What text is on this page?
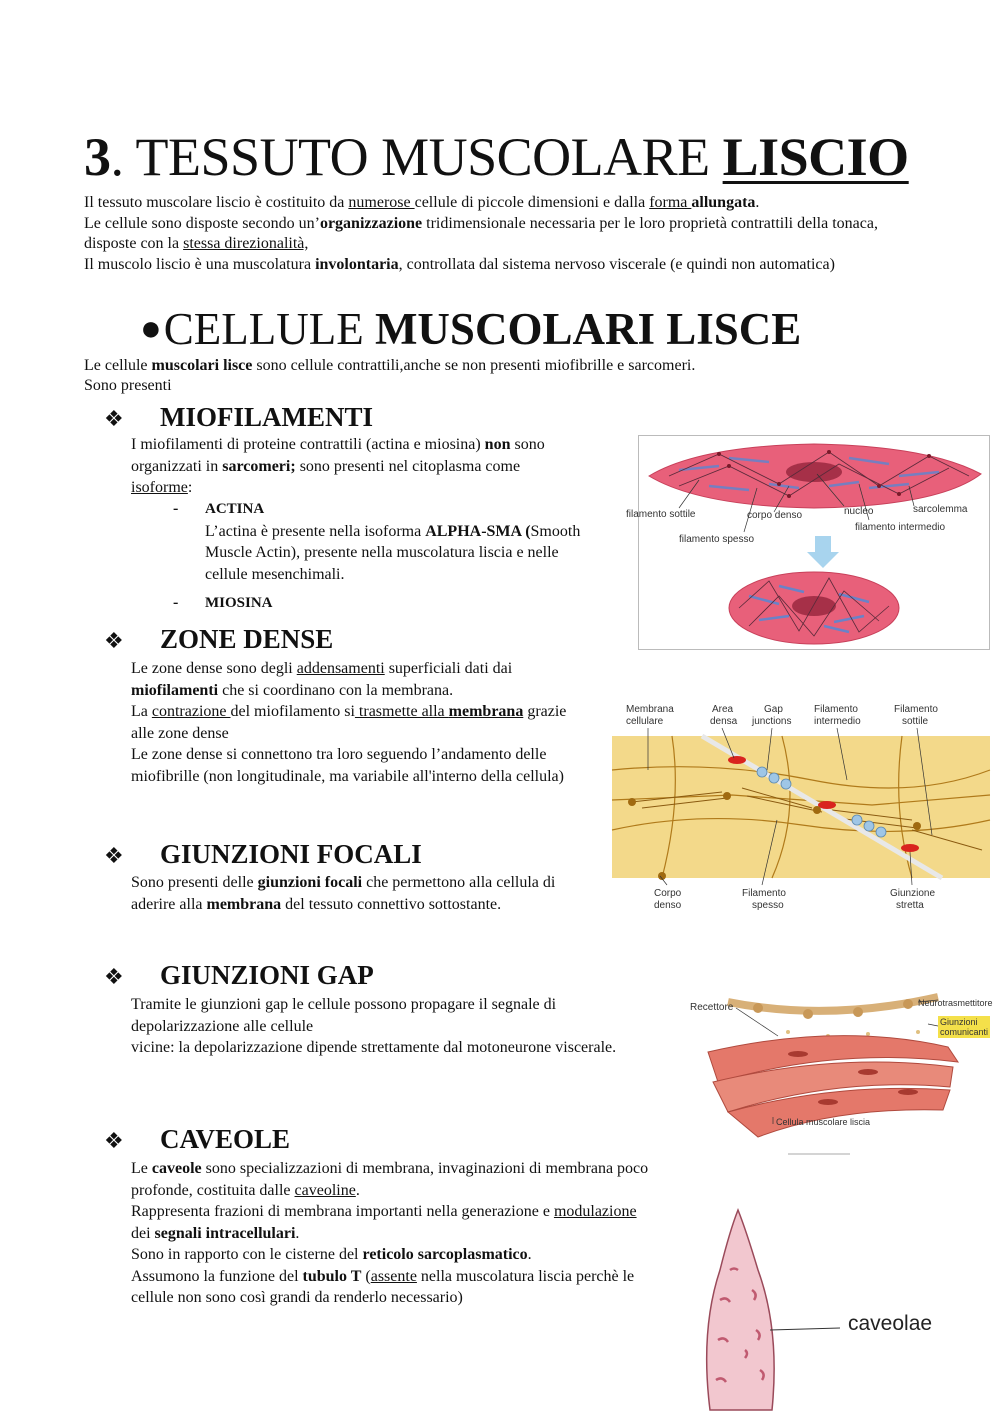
3. TESSUTO MUSCOLARE LISCIO

Il tessuto muscolare liscio è costituito da numerose cellule di piccole dimensioni e dalla forma allungata.

Le cellule sono disposte secondo un’organizzazione tridimensionale necessaria per le loro proprietà contrattili della tonaca, disposte con la stessa direzionalità,

Il muscolo liscio è una muscolatura involontaria, controllata dal sistema nervoso viscerale (e quindi non automatica)

●CELLULE MUSCOLARI LISCE

Le cellule muscolari lisce sono cellule contrattili,anche se non presenti miofibrille e sarcomeri.

Sono presenti

❖ MIOFILAMENTI

I miofilamenti di proteine contrattili (actina e miosina) non sono organizzati in sarcomeri; sono presenti nel citoplasma come isoforme:

- ACTINA
L’actina è presente nella isoforma ALPHA-SMA (Smooth Muscle Actin), presente nella muscolatura liscia e nelle cellule mesenchimali.
- MIOSINA
❖ ZONE DENSE

Le zone dense sono degli addensamenti superficiali dati dai miofilamenti che si coordinano con la membrana.

La contrazione del miofilamento si trasmette alla membrana grazie alle zone dense

Le zone dense si connettono tra loro seguendo l’andamento delle miofibrille (non longitudinale, ma variabile all'interno della cellula)

❖ GIUNZIONI FOCALI

Sono presenti delle giunzioni focali che permettono alla cellula di aderire alla membrana del tessuto connettivo sottostante.

❖ GIUNZIONI GAP

Tramite le giunzioni gap le cellule possono propagare il segnale di depolarizzazione alle cellule

vicine: la depolarizzazione dipende strettamente dal motoneurone viscerale.

❖ CAVEOLE

Le caveole sono specializzazioni di membrana, invaginazioni di membrana poco profonde, costituita dalle caveoline.

Rappresenta frazioni di membrana importanti nella generazione e modulazione dei segnali intracellulari.

Sono in rapporto con le cisterne del reticolo sarcoplasmatico.

Assumono la funzione del tubulo T (assente nella muscolatura liscia perchè le cellule non sono così grandi da renderlo necessario)

filamento sottile	corpo denso	nucleo	sarcolemma
filamento intermedio
filamento spesso
Membrana
cellulare
Area
densa
Gap
junctions
Filamento
intermedio
Filamento
sottile
Corpo
denso
Filamento
spesso
Giunzione
stretta
Recettore	Neurotrasmettitore
Giunzioni
comunicanti
Cellula muscolare liscia
caveolae
